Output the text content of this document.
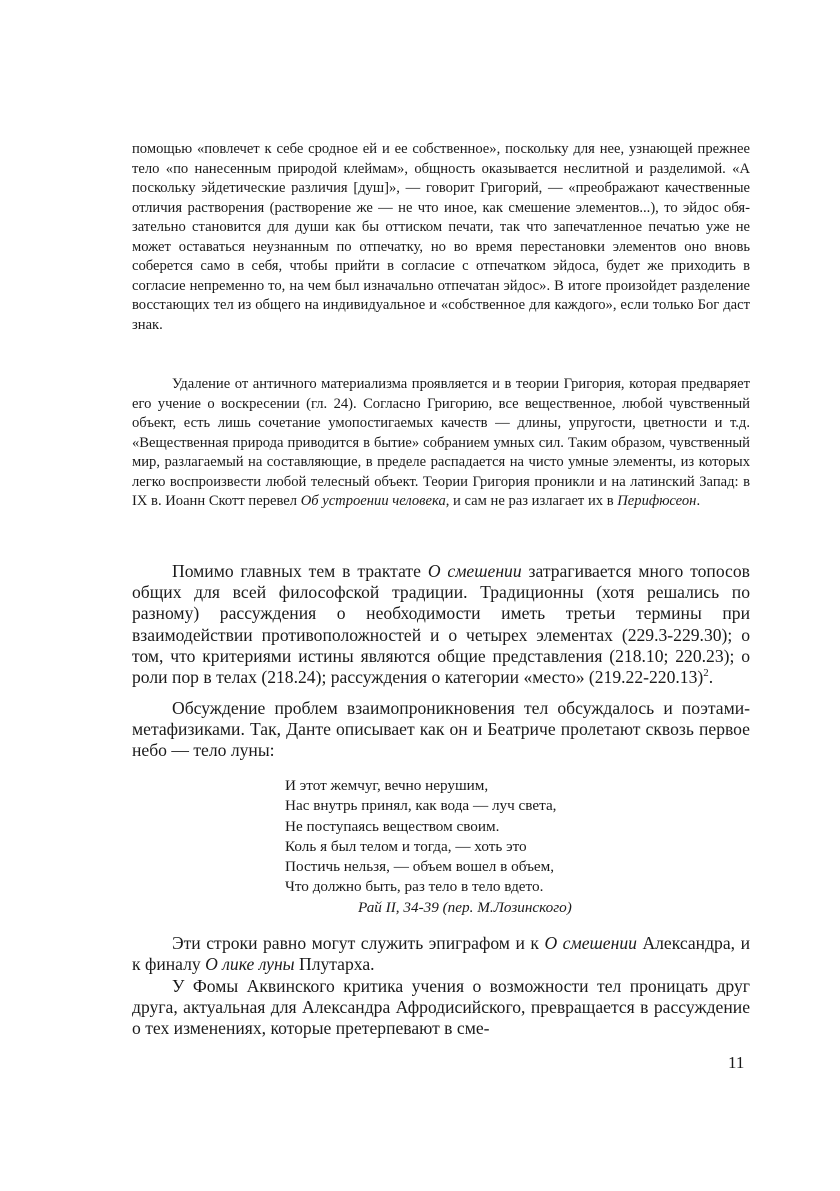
помощью «повлечет к себе сродное ей и ее собственное», поскольку для нее, узнающей прежнее тело «по нанесенным природой клеймам», общность оказывается неслитной и разделимой. «А поскольку эйдетические различия [душ]», — говорит Григорий, — «преображают качественные отличия растворения (растворение же — не что иное, как смешение элементов...), то эйдос обязательно становится для души как бы оттиском печати, так что запечатленное печатью уже не может оставаться неузнанным по отпечатку, но во время перестановки элементов оно вновь соберется само в себя, чтобы прийти в согласие с отпечатком эйдоса, будет же приходить в согласие непременно то, на чем был изначально отпечатан эйдос». В итоге произойдет разделение восстающих тел из общего на индивидуальное и «собственное для каждого», если только Бог даст знак.

Удаление от античного материализма проявляется и в теории Григория, которая предваряет его учение о воскресении (гл. 24). Согласно Григорию, все вещественное, любой чувственный объект, есть лишь сочетание умопостигаемых качеств — длины, упругости, цветности и т.д. «Вещественная природа приводится в бытие» собранием умных сил. Таким образом, чувственный мир, разлагаемый на составляющие, в пределе распадается на чисто умные элементы, из которых легко воспроизвести любой телесный объект. Теории Григория проникли и на латинский Запад: в IX в. Иоанн Скотт перевел Об устроении человека, и сам не раз излагает их в Перифюсеон.

Помимо главных тем в трактате О смешении затрагивается много топосов общих для всей философской традиции. Традиционны (хотя решались по разному) рассуждения о необходимости иметь третьи термины при взаимодействии противоположностей и о четырех элементах (229.3-229.30); о том, что критериями истины являются общие представления (218.10; 220.23); о роли пор в телах (218.24); рассуждения о категории «место» $(219.22-220.13)^2$.

Обсуждение проблем взаимопроникновения тел обсуждалось и поэтами-метафизиками. Так, Данте описывает как он и Беатриче пролетают сквозь первое небо — тело луны:

И этот жемчуг, вечно нерушим,
Нас внутрь принял, как вода — луч света,
Не поступаясь веществом своим.
Коль я был телом и тогда, — хоть это
Постичь нельзя, — объем вошел в объем,
Что должно быть, раз тело в тело вдето.
Рай II, 34-39 (пер. М.Лозинского)

Эти строки равно могут служить эпиграфом и к О смешении Александра, и к финалу О лике луны Плутарха.

У Фомы Аквинского критика учения о возможности тел проницать друг друга, актуальная для Александра Афродисийского, превращается в рассуждение о тех изменениях, которые претерпевают в сме-

11
